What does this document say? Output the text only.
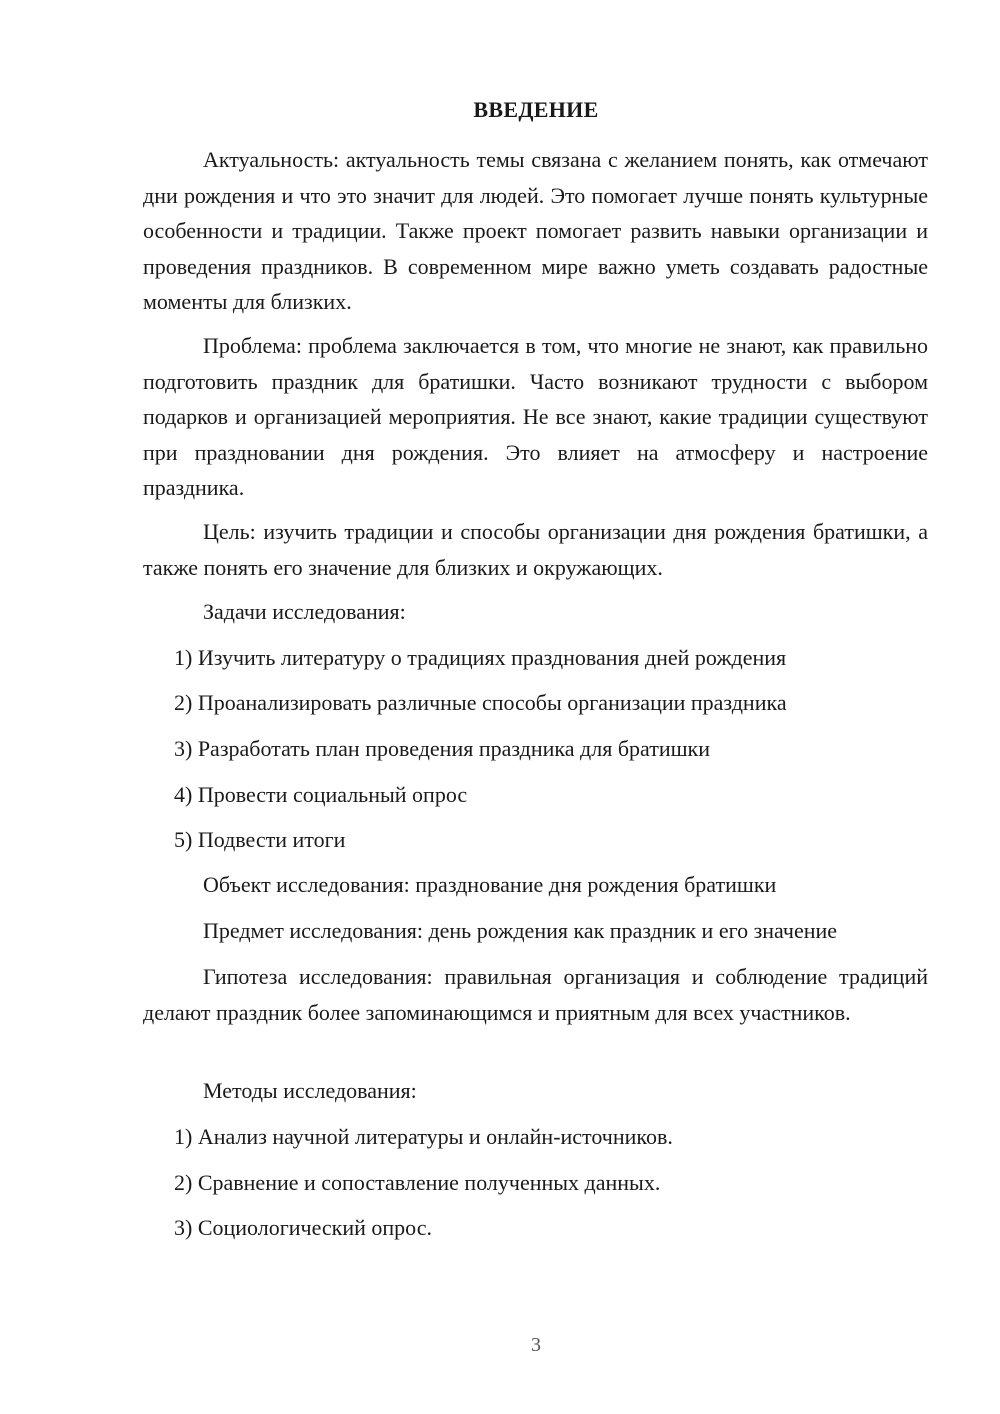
ВВЕДЕНИЕ

Актуальность: актуальность темы связана с желанием понять, как отмечают дни рождения и что это значит для людей. Это помогает лучше понять культурные особенности и традиции. Также проект помогает развить навыки организации и проведения праздников. В современном мире важно уметь создавать радостные моменты для близких.

Проблема: проблема заключается в том, что многие не знают, как правильно подготовить праздник для братишки. Часто возникают трудности с выбором подарков и организацией мероприятия. Не все знают, какие традиции существуют при праздновании дня рождения. Это влияет на атмосферу и настроение праздника.

Цель: изучить традиции и способы организации дня рождения братишки, а также понять его значение для близких и окружающих.

Задачи исследования:
1) Изучить литературу о традициях празднования дней рождения
2) Проанализировать различные способы организации праздника
3) Разработать план проведения праздника для братишки
4) Провести социальный опрос
5) Подвести итоги
Объект исследования: празднование дня рождения братишки
Предмет исследования: день рождения как праздник и его значение

Гипотеза исследования: правильная организация и соблюдение традиций делают праздник более запоминающимся и приятным для всех участников.

Методы исследования:
1) Анализ научной литературы и онлайн-источников.
2) Сравнение и сопоставление полученных данных.
3) Социологический опрос.
3
